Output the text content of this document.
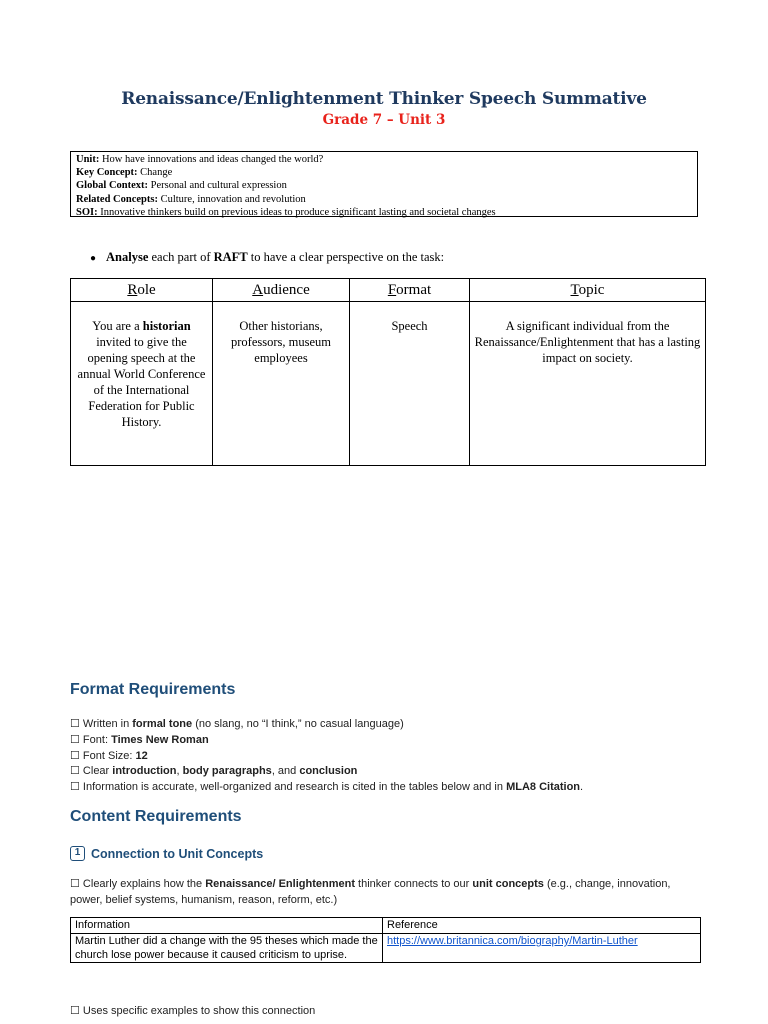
Renaissance/Enlightenment Thinker Speech Summative
Grade 7 – Unit 3
Unit: How have innovations and ideas changed the world?
Key Concept: Change
Global Context: Personal and cultural expression
Related Concepts: Culture, innovation and revolution
SOI: Innovative thinkers build on previous ideas to produce significant lasting and societal changes
● Analyse each part of RAFT to have a clear perspective on the task:
Role	Audience	Format	Topic
You are a historian invited to give the opening speech at the annual World Conference of the International Federation for Public History.	Other historians, professors, museum employees	Speech	A significant individual from the Renaissance/Enlightenment that has a lasting impact on society.
Format Requirements
☐ Written in formal tone (no slang, no “I think,” no casual language)
☐ Font: Times New Roman
☐ Font Size: 12
☐ Clear introduction, body paragraphs, and conclusion
☐ Information is accurate, well-organized and research is cited in the tables below and in MLA8 Citation.
Content Requirements
1 Connection to Unit Concepts
☐ Clearly explains how the Renaissance/ Enlightenment thinker connects to our unit concepts (e.g., change, innovation, power, belief systems, humanism, reason, reform, etc.)
Information	Reference
Martin Luther did a change with the 95 theses which made the church lose power because it caused criticism to uprise.	https://www.britannica.com/biography/Martin-Luther
☐ Uses specific examples to show this connection
